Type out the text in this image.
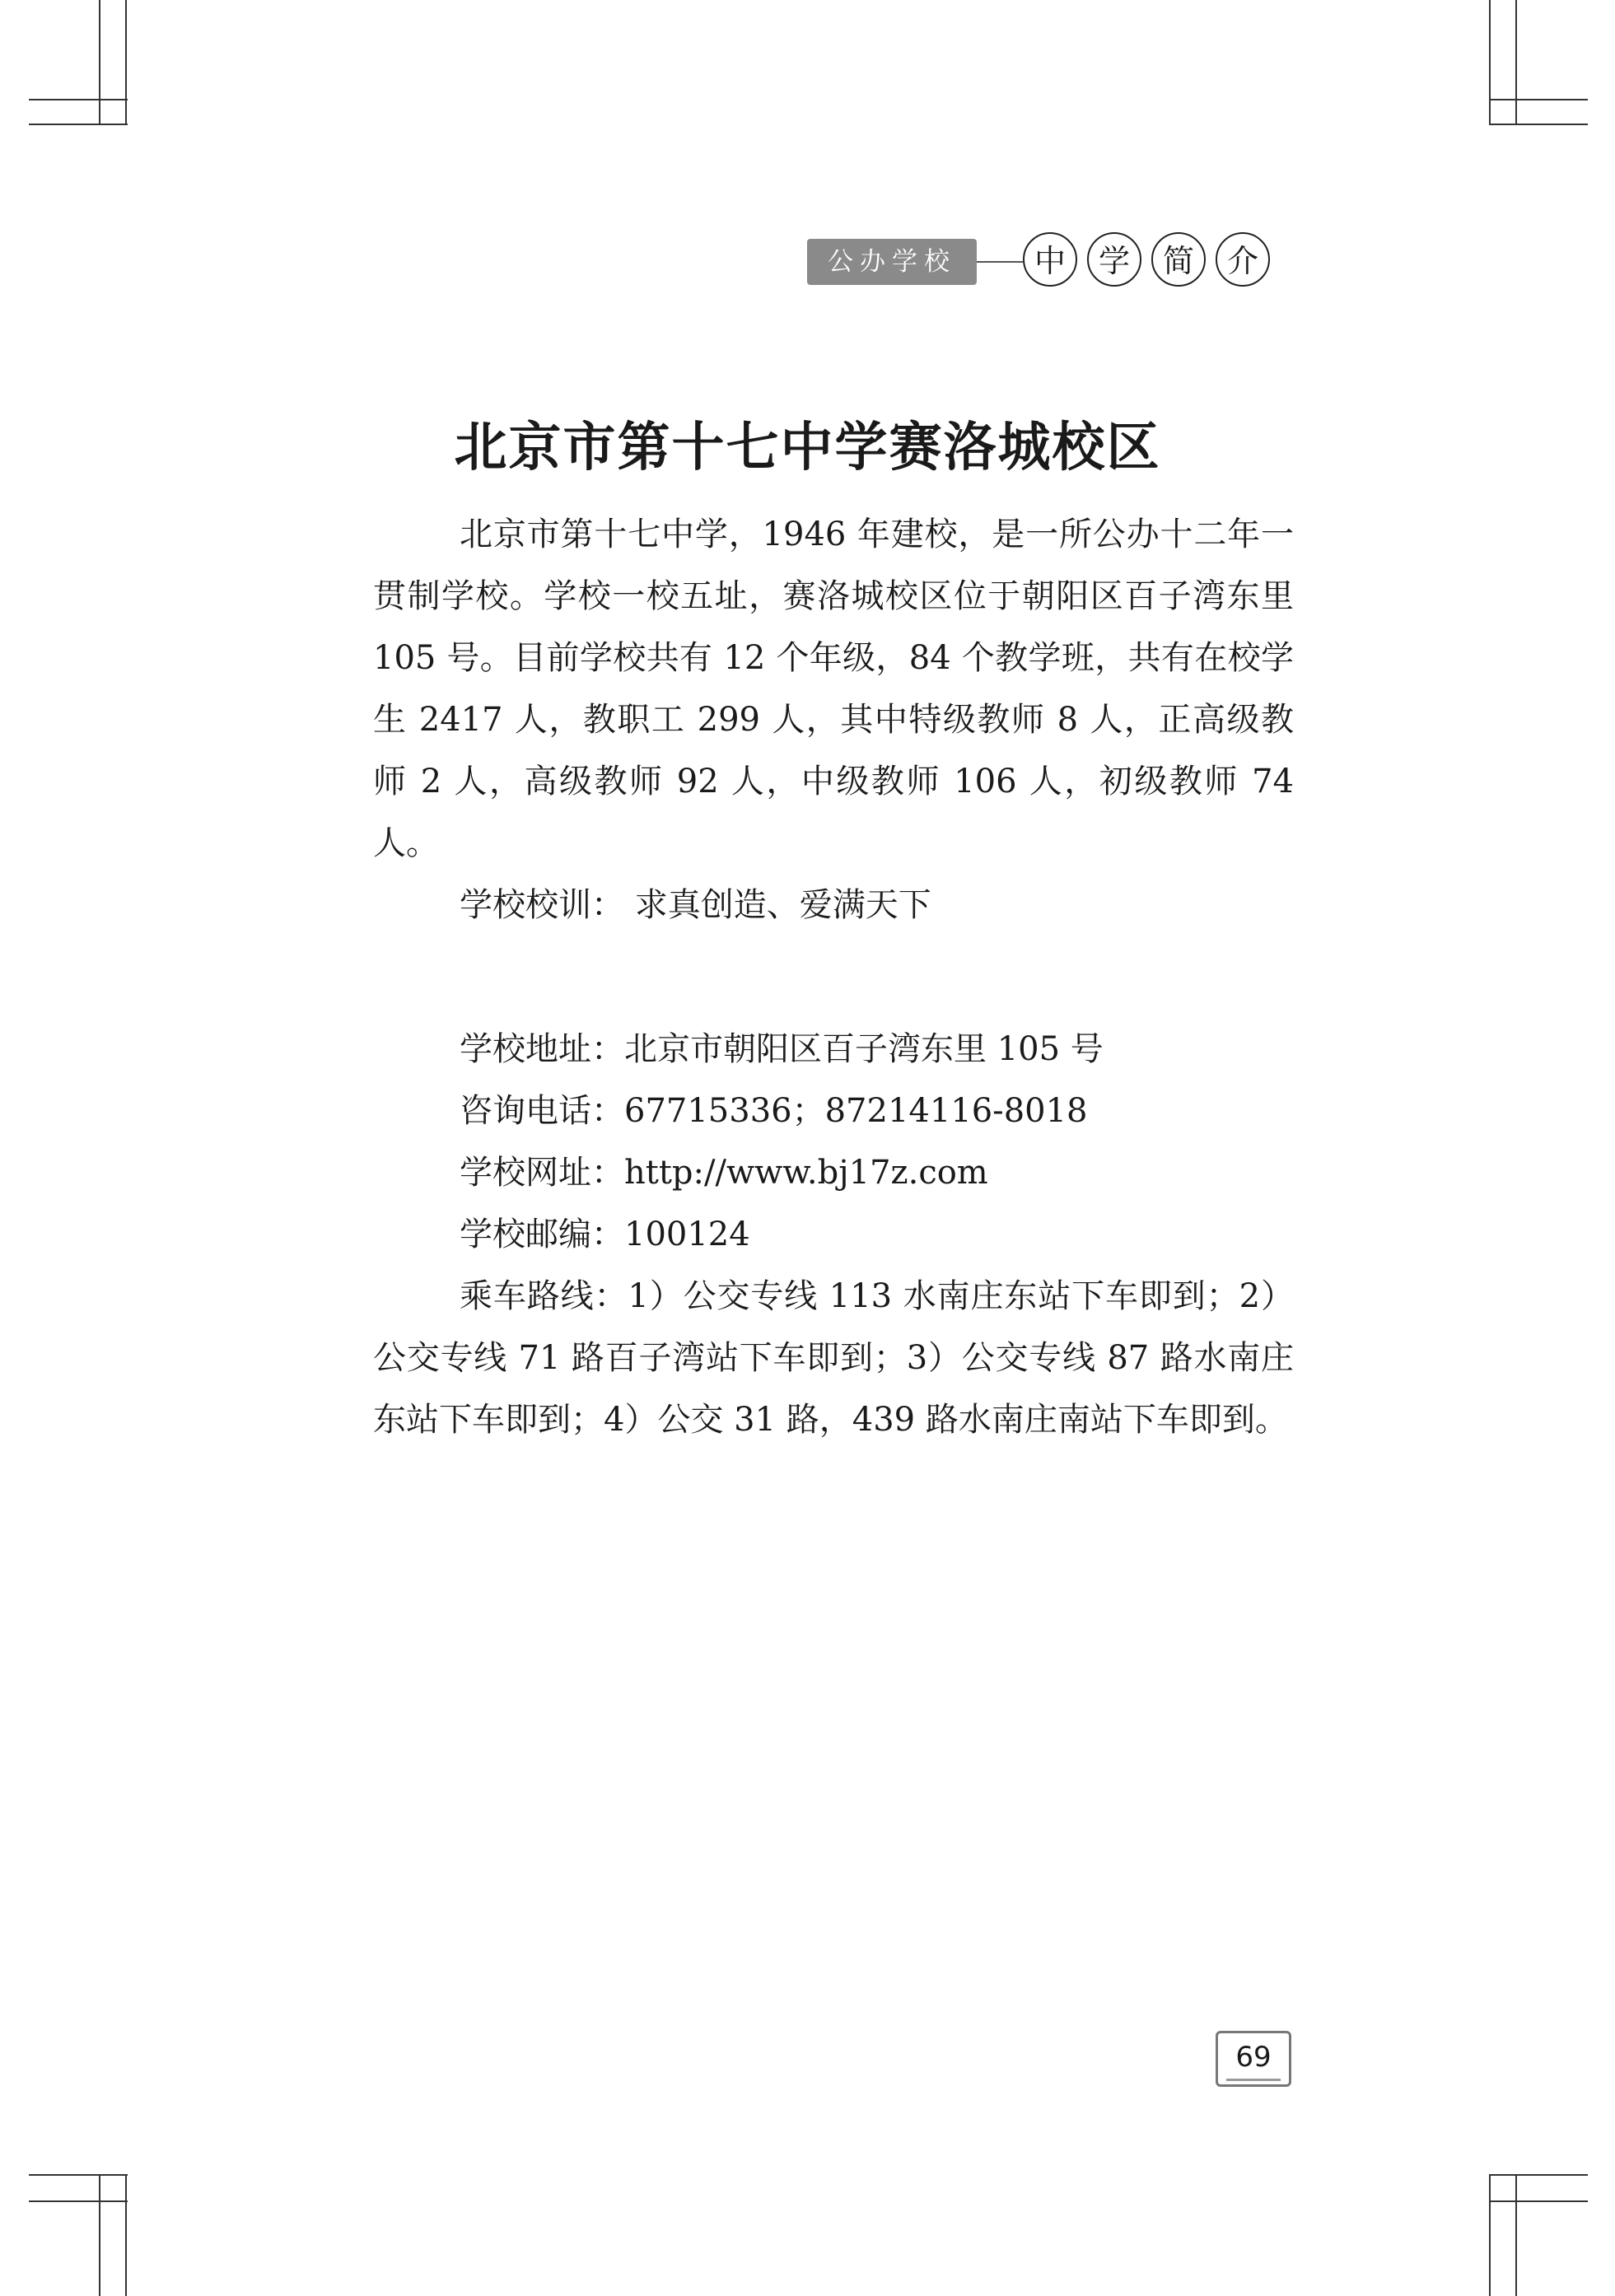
公办学校	中	学	简	介
北京市第十七中学赛洛城校区

北京市第十七中学，1946 年建校，是一所公办十二年一贯制学校。学校一校五址，赛洛城校区位于朝阳区百子湾东里 105 号。目前学校共有 12 个年级，84 个教学班，共有在校学生 2417 人，教职工 299 人，其中特级教师 8 人，正高级教师 2 人，高级教师 92 人，中级教师 106 人，初级教师 74 人。

学校校训： 求真创造、爱满天下

学校地址：北京市朝阳区百子湾东里 105 号

咨询电话：67715336；87214116-8018

学校网址：http://www.bj17z.com

学校邮编：100124

乘车路线：1）公交专线 113 水南庄东站下车即到；2）公交专线 71 路百子湾站下车即到；3）公交专线 87 路水南庄东站下车即到；4）公交 31 路，439 路水南庄南站下车即到。

69
